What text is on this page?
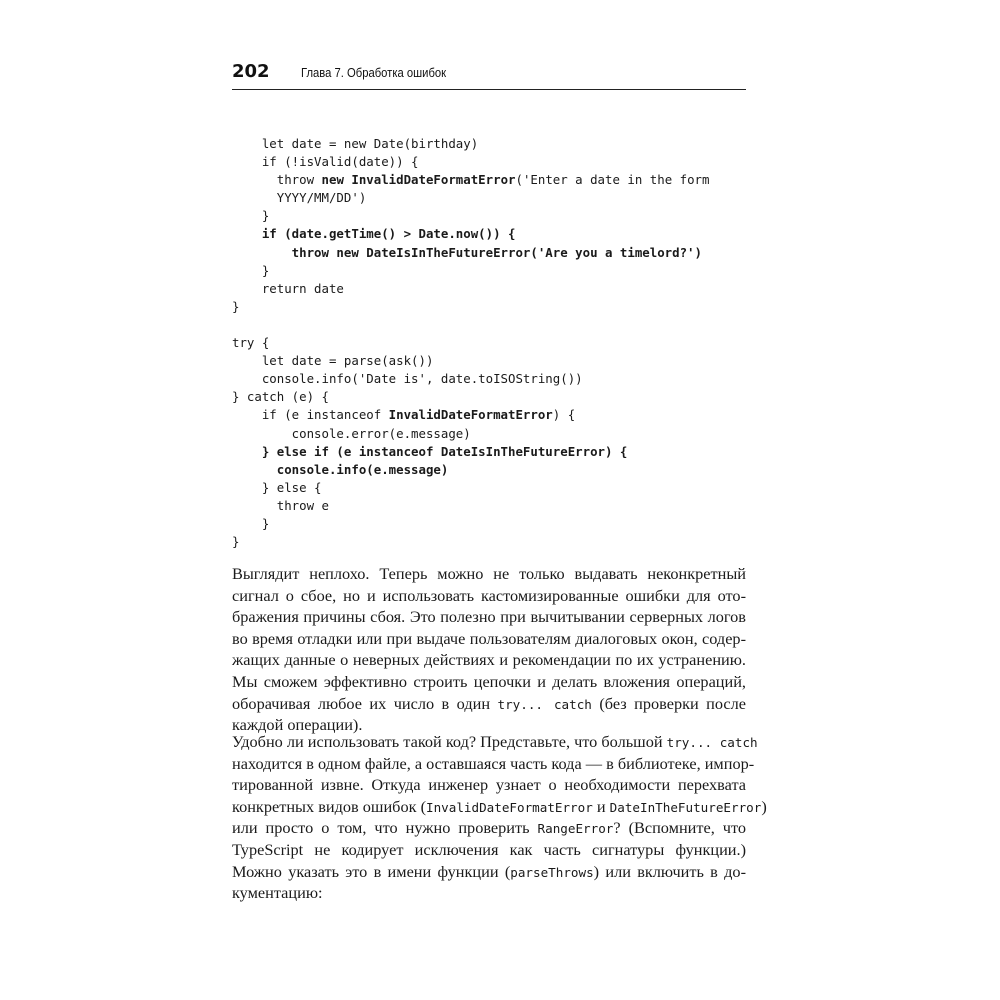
202	Глава 7. Обработка ошибок
let date = new Date(birthday)
if (!isValid(date)) {
throw new InvalidDateFormatError('Enter a date in the form
YYYY/MM/DD')
}
if (date.getTime() > Date.now()) {
throw new DateIsInTheFutureError('Are you a timelord?')
}
return date
}
try {
let date = parse(ask())
console.info('Date is', date.toISOString())
} catch (e) {
if (e instanceof InvalidDateFormatError) {
console.error(e.message)
} else if (e instanceof DateIsInTheFutureError) {
console.info(e.message)
} else {
throw e
}
}
Выглядит неплохо. Теперь можно не только выдавать неконкретный
сигнал о сбое, но и использовать кастомизированные ошибки для ото-
бражения причины сбоя. Это полезно при вычитывании серверных логов
во время отладки или при выдаче пользователям диалоговых окон, содер-
жащих данные о неверных действиях и рекомендации по их устранению.
Мы сможем эффективно строить цепочки и делать вложения операций,
оборачивая любое их число в один try... catch (без проверки после
каждой операции).
Удобно ли использовать такой код? Представьте, что большой try... catch
находится в одном файле, а оставшаяся часть кода — в библиотеке, импор-
тированной извне. Откуда инженер узнает о необходимости перехвата
конкретных видов ошибок (InvalidDateFormatError и DateInTheFutureError)
или просто о том, что нужно проверить RangeError? (Вспомните, что
TypeScript не кодирует исключения как часть сигнатуры функции.)
Можно указать это в имени функции (parseThrows) или включить в до-
кументацию:
